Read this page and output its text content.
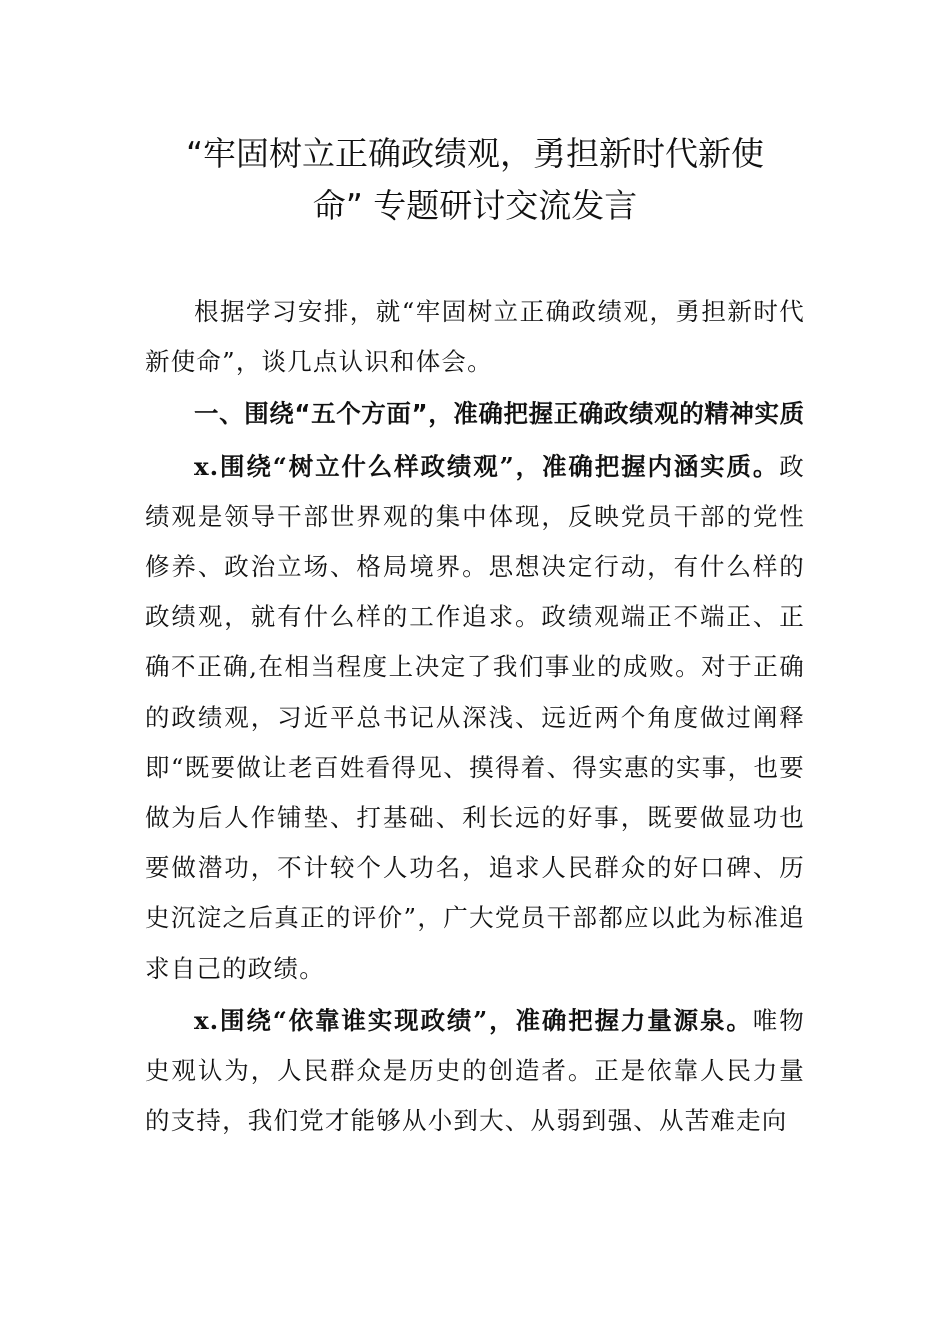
“牢固树立正确政绩观，勇担新时代新使
命” 专题研讨交流发言

根据学习安排，就“牢固树立正确政绩观，勇担新时代新使命”，谈几点认识和体会。

一、围绕“五个方面”，准确把握正确政绩观的精神实质

x.围绕“树立什么样政绩观”，准确把握内涵实质。政绩观是领导干部世界观的集中体现，反映党员干部的党性修养、政治立场、格局境界。思想决定行动，有什么样的政绩观，就有什么样的工作追求。政绩观端正不端正、正确不正确,在相当程度上决定了我们事业的成败。对于正确的政绩观，习近平总书记从深浅、远近两个角度做过阐释即“既要做让老百姓看得见、摸得着、得实惠的实事，也要做为后人作铺垫、打基础、利长远的好事，既要做显功也要做潜功，不计较个人功名，追求人民群众的好口碑、历史沉淀之后真正的评价”，广大党员干部都应以此为标准追求自己的政绩。

x.围绕“依靠谁实现政绩”，准确把握力量源泉。唯物史观认为，人民群众是历史的创造者。正是依靠人民力量的支持，我们党才能够从小到大、从弱到强、从苦难走向
